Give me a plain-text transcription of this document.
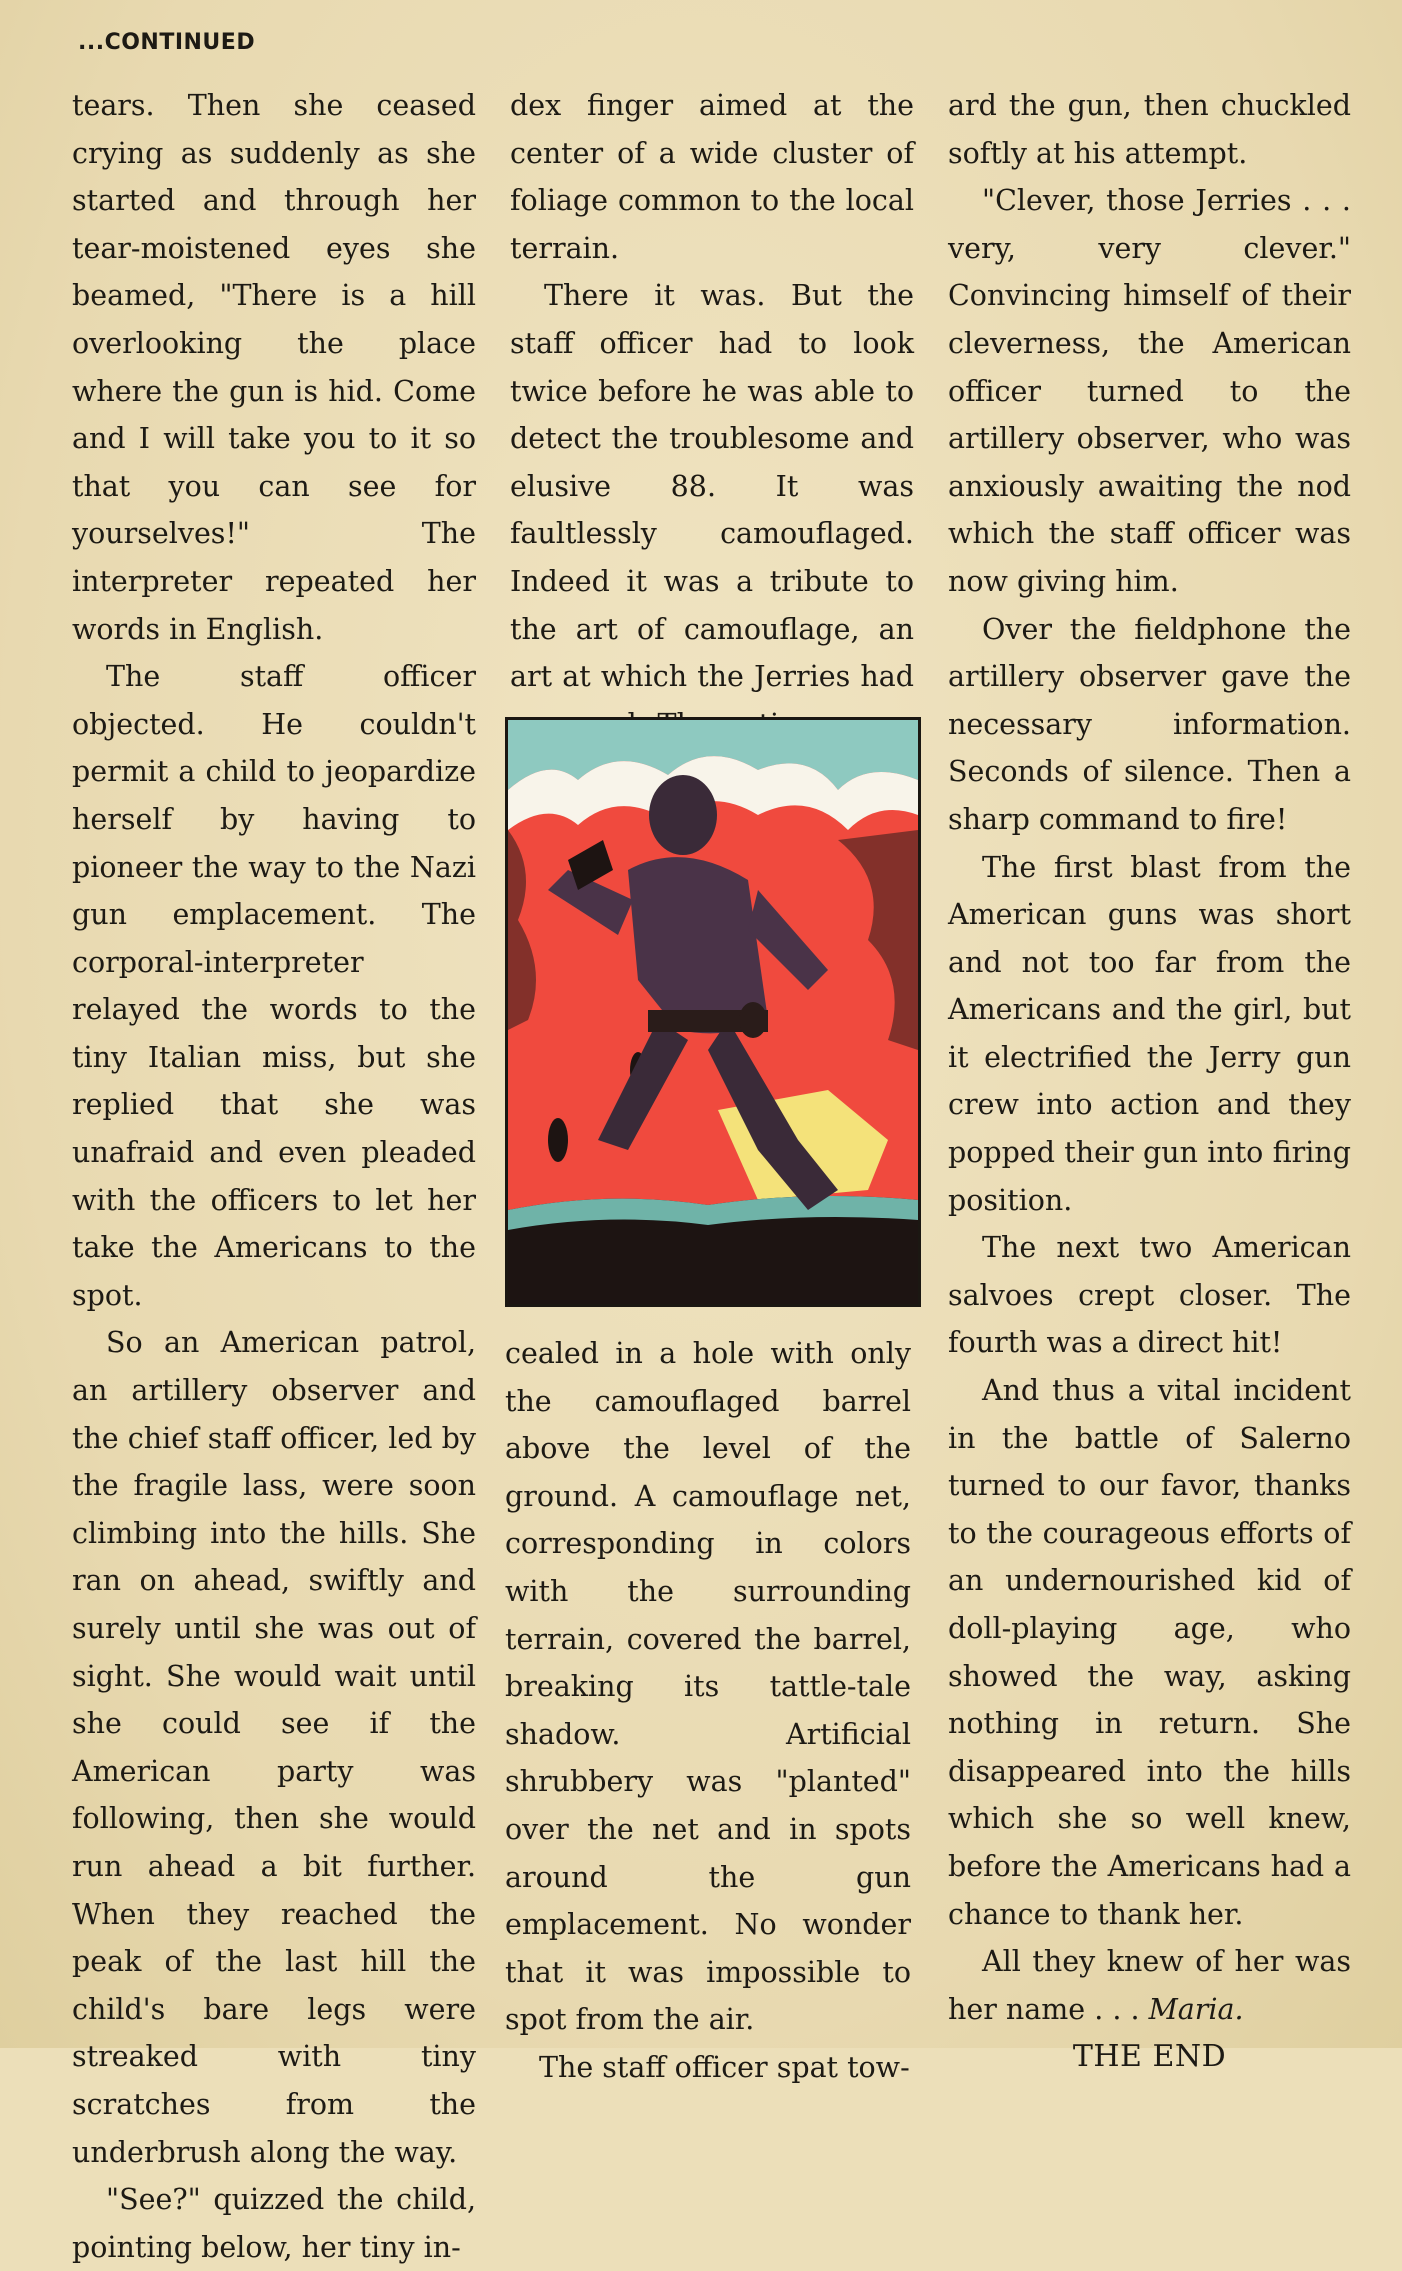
...CONTINUED

tears. Then she ceased crying as suddenly as she started and through her tear-moistened eyes she beamed, "There is a hill overlooking the place where the gun is hid. Come and I will take you to it so that you can see for yourselves!" The interpreter repeated her words in English.

The staff officer objected. He couldn't permit a child to jeopardize herself by having to pioneer the way to the Nazi gun emplacement. The corporal-interpreter relayed the words to the tiny Italian miss, but she replied that she was unafraid and even pleaded with the officers to let her take the Americans to the spot.

So an American patrol, an artillery observer and the chief staff officer, led by the fragile lass, were soon climbing into the hills. She ran on ahead, swiftly and surely until she was out of sight. She would wait until she could see if the American party was following, then she would run ahead a bit further. When they reached the peak of the last hill the child's bare legs were streaked with tiny scratches from the underbrush along the way.

"See?" quizzed the child, pointing below, her tiny in-

dex finger aimed at the center of a wide cluster of foliage common to the local terrain.

There it was. But the staff officer had to look twice before he was able to detect the troublesome and elusive 88. It was faultlessly camouflaged. Indeed it was a tribute to the art of camouflage, an art at which the Jerries had

cealed in a hole with only the camouflaged barrel above the level of the ground. A camouflage net, corresponding in colors with the surrounding terrain, covered the barrel, breaking its tattle-tale shadow. Artificial shrubbery was "planted" over the net and in spots around the gun emplacement. No wonder that it was impossible to spot from the air.

The staff officer spat tow-

ard the gun, then chuckled softly at his attempt.

"Clever, those Jerries . . . very, very clever." Convincing himself of their cleverness, the American officer turned to the artillery observer, who was anxiously awaiting the nod which the staff officer was now giving him.

Over the fieldphone the artillery observer gave the necessary information. Seconds of silence. Then a sharp command to fire!

The first blast from the American guns was short and not too far from the Americans and the girl, but it electrified the Jerry gun crew into action and they popped their gun into firing position.

The next two American salvoes crept closer. The fourth was a direct hit!

And thus a vital incident in the battle of Salerno turned to our favor, thanks to the courageous efforts of an undernourished kid of doll-playing age, who showed the way, asking nothing in return. She disappeared into the hills which she so well knew, before the Americans had a chance to thank her.

All they knew of her was her name . . . Maria.

THE END
